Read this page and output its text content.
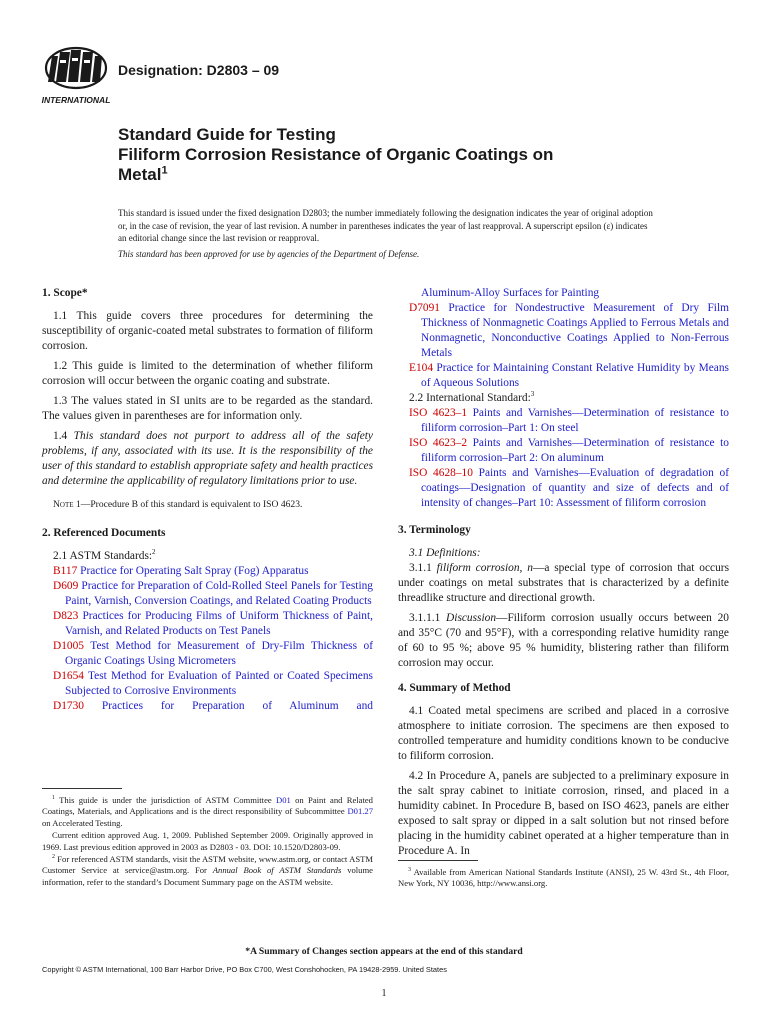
INTERNATIONAL
Designation: D2803 – 09
Standard Guide for Testing
Filiform Corrosion Resistance of Organic Coatings on
Metal$^1$

This standard is issued under the fixed designation D2803; the number immediately following the designation indicates the year of original adoption or, in the case of revision, the year of last revision. A number in parentheses indicates the year of last reapproval. A superscript epsilon (ε) indicates an editorial change since the last revision or reapproval.

This standard has been approved for use by agencies of the Department of Defense.

1. Scope*
1.1 This guide covers three procedures for determining the susceptibility of organic-coated metal substrates to formation of filiform corrosion.
1.2 This guide is limited to the determination of whether filiform corrosion will occur between the organic coating and substrate.
1.3 The values stated in SI units are to be regarded as the standard. The values given in parentheses are for information only.
1.4 This standard does not purport to address all of the safety problems, if any, associated with its use. It is the responsibility of the user of this standard to establish appropriate safety and health practices and determine the applicability of regulatory limitations prior to use.
Note 1—Procedure B of this standard is equivalent to ISO 4623.
2. Referenced Documents
2.1 ASTM Standards:$^2$
B117 Practice for Operating Salt Spray (Fog) Apparatus
D609 Practice for Preparation of Cold-Rolled Steel Panels for Testing Paint, Varnish, Conversion Coatings, and Related Coating Products
D823 Practices for Producing Films of Uniform Thickness of Paint, Varnish, and Related Products on Test Panels
D1005 Test Method for Measurement of Dry-Film Thickness of Organic Coatings Using Micrometers
D1654 Test Method for Evaluation of Painted or Coated Specimens Subjected to Corrosive Environments
D1730 Practices for Preparation of Aluminum and
Aluminum-Alloy Surfaces for Painting
D7091 Practice for Nondestructive Measurement of Dry Film Thickness of Nonmagnetic Coatings Applied to Ferrous Metals and Nonmagnetic, Nonconductive Coatings Applied to Non-Ferrous Metals
E104 Practice for Maintaining Constant Relative Humidity by Means of Aqueous Solutions
2.2 International Standard:$^3$
ISO 4623–1 Paints and Varnishes—Determination of resistance to filiform corrosion–Part 1: On steel
ISO 4623–2 Paints and Varnishes—Determination of resistance to filiform corrosion–Part 2: On aluminum
ISO 4628–10 Paints and Varnishes—Evaluation of degradation of coatings—Designation of quantity and size of defects and of intensity of changes–Part 10: Assessment of filiform corrosion
3. Terminology
3.1 Definitions:
3.1.1 filiform corrosion, n—a special type of corrosion that occurs under coatings on metal substrates that is characterized by a definite threadlike structure and directional growth.
3.1.1.1 Discussion—Filiform corrosion usually occurs between 20 and 35°C (70 and 95°F), with a corresponding relative humidity range of 60 to 95 %; above 95 % humidity, blistering rather than filiform corrosion may occur.
4. Summary of Method
4.1 Coated metal specimens are scribed and placed in a corrosive atmosphere to initiate corrosion. The specimens are then exposed to controlled temperature and humidity conditions known to be conducive to filiform corrosion.
4.2 In Procedure A, panels are subjected to a preliminary exposure in the salt spray cabinet to initiate corrosion, rinsed, and placed in a humidity cabinet. In Procedure B, based on ISO 4623, panels are either exposed to salt spray or dipped in a salt solution but not rinsed before placing in the humidity cabinet operated at a higher temperature than in Procedure A. In

$^1$ This guide is under the jurisdiction of ASTM Committee D01 on Paint and Related Coatings, Materials, and Applications and is the direct responsibility of Subcommittee D01.27 on Accelerated Testing.

Current edition approved Aug. 1, 2009. Published September 2009. Originally approved in 1969. Last previous edition approved in 2003 as D2803 - 03. DOI: 10.1520/D2803-09.

$^2$ For referenced ASTM standards, visit the ASTM website, www.astm.org, or contact ASTM Customer Service at service@astm.org. For Annual Book of ASTM Standards volume information, refer to the standard’s Document Summary page on the ASTM website.

$^3$ Available from American National Standards Institute (ANSI), 25 W. 43rd St., 4th Floor, New York, NY 10036, http://www.ansi.org.

*A Summary of Changes section appears at the end of this standard
Copyright © ASTM International, 100 Barr Harbor Drive, PO Box C700, West Conshohocken, PA 19428-2959. United States
1
